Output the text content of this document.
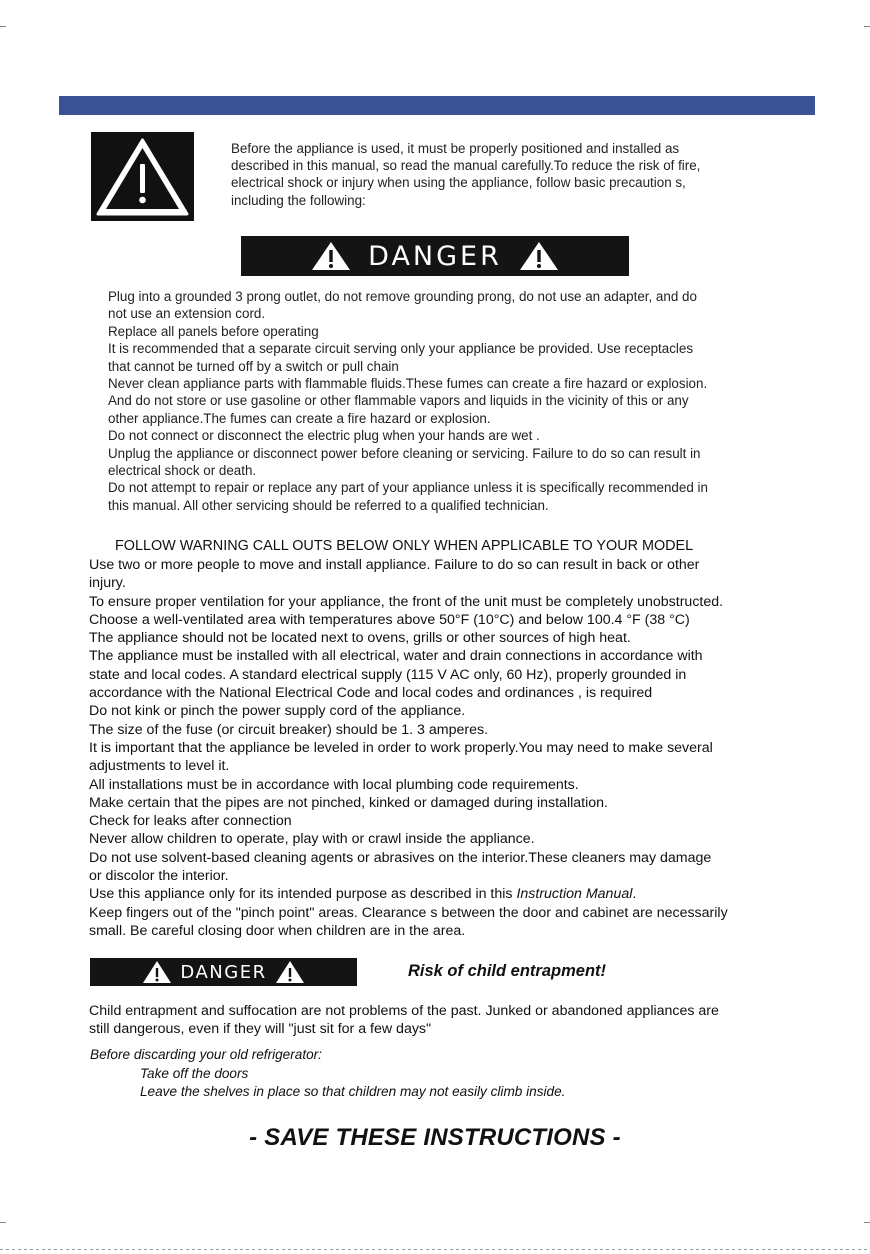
Before the appliance is used, it must be properly positioned and installed as
described in this manual, so read the manual carefully.To reduce the risk of fire,
electrical shock or injury when using the appliance, follow basic precaution s,
including the following:

DANGER
Plug into a grounded 3 prong outlet, do not remove grounding prong, do not use an adapter, and do
not use an extension cord.
Replace all panels before operating
It is recommended that a separate circuit serving only your appliance be provided. Use receptacles
that cannot be turned off by a switch or pull chain
Never clean appliance parts with flammable fluids.These fumes can create a fire hazard or explosion.
And do not store or use gasoline or other flammable vapors and liquids in the vicinity of this or any
other appliance.The fumes can create a fire hazard or explosion.
Do not connect or disconnect the electric plug when your hands are wet .
Unplug the appliance or disconnect power before cleaning or servicing. Failure to do so can result in
electrical shock or death.
Do not attempt to repair or replace any part of your appliance unless it is specifically recommended in
this manual. All other servicing should be referred to a qualified technician.

FOLLOW WARNING CALL OUTS BELOW ONLY WHEN APPLICABLE TO YOUR MODEL

Use two or more people to move and install appliance. Failure to do so can result in back or other
injury.
To ensure proper ventilation for your appliance, the front of the unit must be completely unobstructed.
Choose a well-ventilated area with temperatures above 50°F (10°C) and below 100.4 °F (38 °C)
The appliance should not be located next to ovens, grills or other sources of high heat.
The appliance must be installed with all electrical, water and drain connections in accordance with
state and local codes. A standard electrical supply (115 V AC only, 60 Hz), properly grounded in
accordance with the National Electrical Code and local codes and ordinances , is required
Do not kink or pinch the power supply cord of the appliance.
The size of the fuse (or circuit breaker) should be 1. 3 amperes.
It is important that the appliance be leveled in order to work properly.You may need to make several
adjustments to level it.
All installations must be in accordance with local plumbing code requirements.
Make certain that the pipes are not pinched, kinked or damaged during installation.
Check for leaks after connection
Never allow children to operate, play with or crawl inside the appliance.
Do not use solvent-based cleaning agents or abrasives on the interior.These cleaners may damage
or discolor the interior.
Use this appliance only for its intended purpose as described in this Instruction Manual.
Keep fingers out of the "pinch point" areas. Clearance s between the door and cabinet are necessarily
small. Be careful closing door when children are in the area.
DANGER	Risk of child entrapment!

Child entrapment and suffocation are not problems of the past. Junked or abandoned appliances are
still dangerous, even if they will "just sit for a few days"

Before discarding your old refrigerator:

Take off the doors
Leave the shelves in place so that children may not easily climb inside.

- SAVE THESE INSTRUCTIONS -
